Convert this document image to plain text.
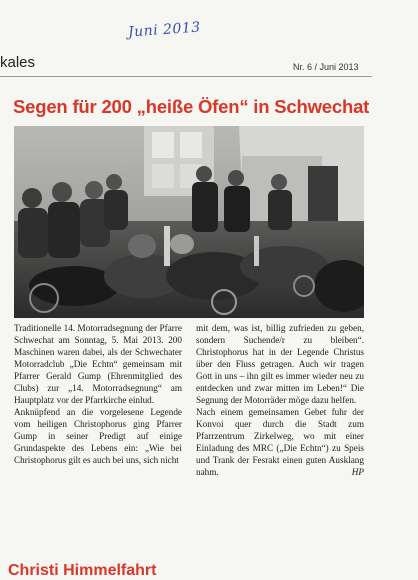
Juni 2013
kales	Nr. 6 / Juni 2013
Segen für 200 „heiße Öfen“ in Schwechat

Traditionelle 14. Motorradsegnung der Pfarre Schwechat am Sonntag, 5. Mai 2013. 200 Maschinen waren dabei, als der Schwechater Motorradclub „Die Echtn“ gemeinsam mit Pfarrer Gerald Gump (Ehrenmitglied des Clubs) zur „14. Motorradsegnung“ am Hauptplatz vor der Pfarrkirche einlud.

Anknüpfend an die vorgelesene Legende vom heiligen Christophorus ging Pfarrer Gump in seiner Predigt auf einige Grundaspekte des Lebens ein: „Wie bei Christophorus gilt es auch bei uns, sich nicht

mit dem, was ist, billig zufrieden zu geben, sondern Suchende/r zu bleiben“. Christophorus hat in der Legende Christus über den Fluss getragen. Auch wir tragen Gott in uns – ihn gilt es immer wieder neu zu entdecken und zwar mitten im Leben!“ Die Segnung der Motorräder möge dazu helfen.

Nach einem gemeinsamen Gebet fuhr der Konvoi quer durch die Stadt zum Pfarrzentrum Zirkelweg, wo mit einer Einladung des MRC („Die Echtn“) zu Speis und Trank der Fesrakt einen guten Ausklang nahm.	HP

Christi Himmelfahrt
